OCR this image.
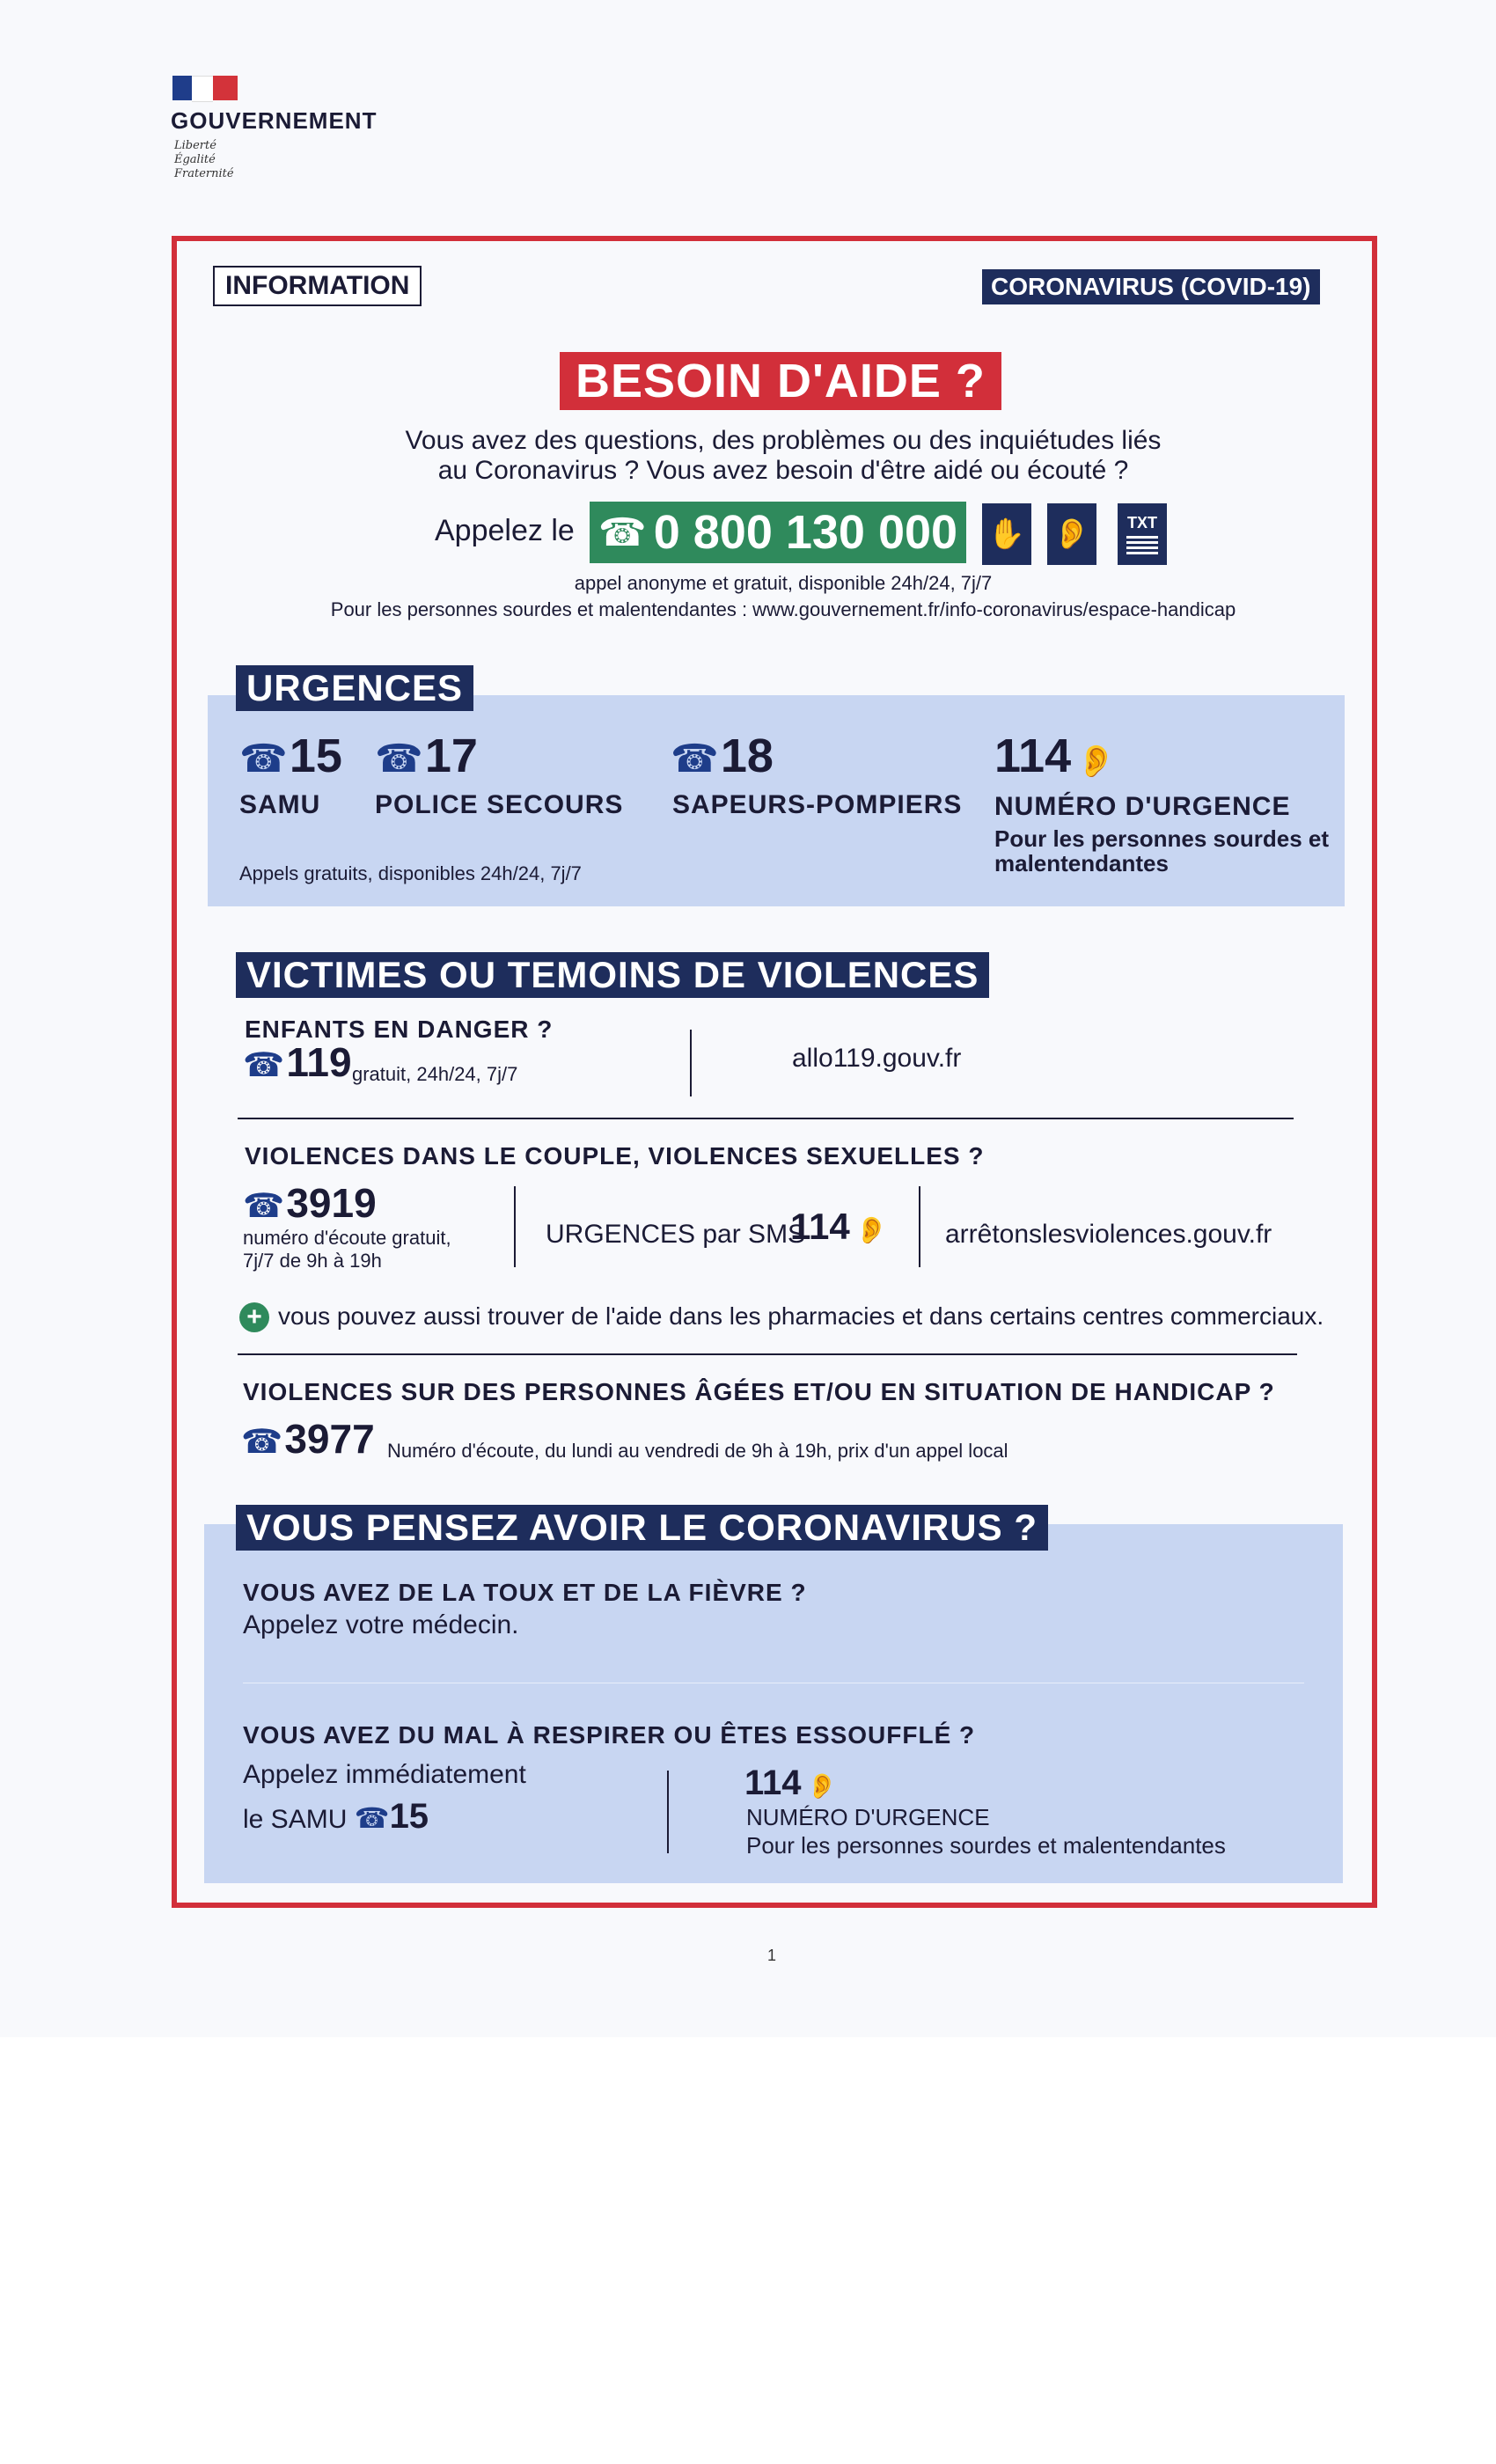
GOUVERNEMENT
Liberté
Égalité
Fraternité
INFORMATION	CORONAVIRUS (COVID-19)
BESOIN D'AIDE ?
Vous avez des questions, des problèmes ou des inquiétudes liés
au Coronavirus ? Vous avez besoin d'être aidé ou écouté ?
Appelez le ☎ 0 800 130 000 ✋ 👂	TXT
appel anonyme et gratuit, disponible 24h/24, 7j/7
Pour les personnes sourdes et malentendantes : www.gouvernement.fr/info-coronavirus/espace-handicap
URGENCES
☎15
SAMU
☎17
POLICE SECOURS
☎18
SAPEURS-POMPIERS
114 👂
NUMÉRO D'URGENCE
Pour les personnes sourdes et
malentendantes
Appels gratuits, disponibles 24h/24, 7j/7
VICTIMES OU TEMOINS DE VIOLENCES
ENFANTS EN DANGER ?
☎119 gratuit, 24h/24, 7j/7
allo119.gouv.fr
VIOLENCES DANS LE COUPLE, VIOLENCES SEXUELLES ?
☎3919
numéro d'écoute gratuit,
7j/7 de 9h à 19h
URGENCES par SMS
114 👂 arrêtonslesviolences.gouv.fr
+ vous pouvez aussi trouver de l'aide dans les pharmacies et dans certains centres commerciaux.
VIOLENCES SUR DES PERSONNES ÂGÉES ET/OU EN SITUATION DE HANDICAP ?
☎3977 Numéro d'écoute, du lundi au vendredi de 9h à 19h, prix d'un appel local
VOUS PENSEZ AVOIR LE CORONAVIRUS ?
VOUS AVEZ DE LA TOUX ET DE LA FIÈVRE ?
Appelez votre médecin.
VOUS AVEZ DU MAL À RESPIRER OU ÊTES ESSOUFFLÉ ?
Appelez immédiatement
le SAMU ☎15
114 👂
NUMÉRO D'URGENCE
Pour les personnes sourdes et malentendantes
1
